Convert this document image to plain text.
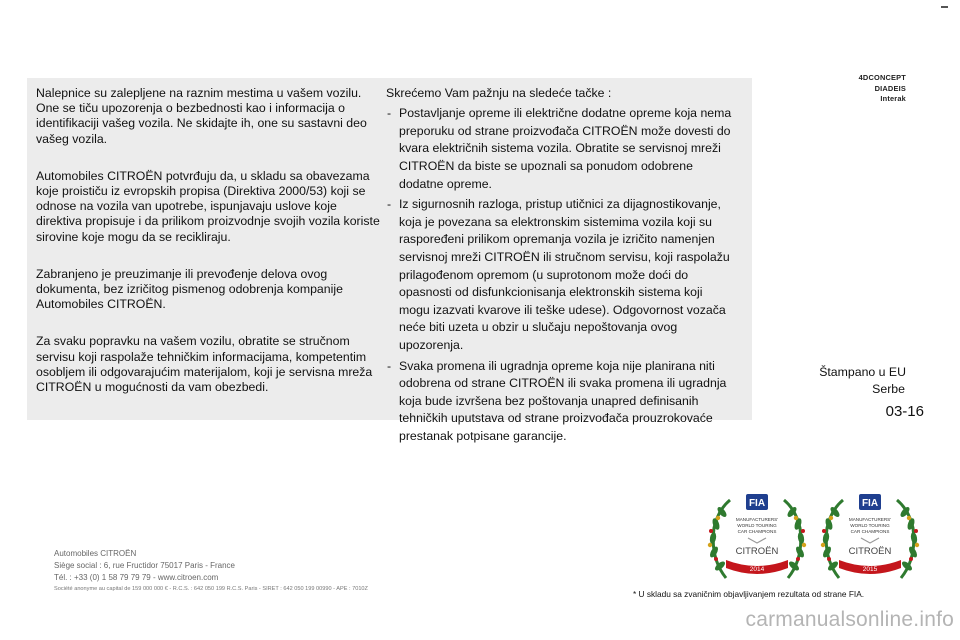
Nalepnice su zalepljene na raznim mestima u vašem vozilu. One se tiču upozorenja o bezbednosti kao i informacija o identifikaciji vašeg vozila. Ne skidajte ih, one su sastavni deo vašeg vozila.

Automobiles CITROËN potvrđuju da, u skladu sa obavezama koje proističu iz evropskih propisa (Direktiva 2000/53) koji se odnose na vozila van upotrebe, ispunjavaju uslove koje direktiva propisuje i da prilikom proizvodnje svojih vozila koriste sirovine koje mogu da se recikliraju.

Zabranjeno je preuzimanje ili prevođenje delova ovog dokumenta, bez izričitog pismenog odobrenja kompanije Automobiles CITROËN.

Za svaku popravku na vašem vozilu, obratite se stručnom servisu koji raspolaže tehničkim informacijama, kompetentim osobljem ili odgovarajućim materijalom, koji je servisna mreža CITROËN u mogućnosti da vam obezbedi.

Skrećemo Vam pažnju na sledeće tačke :

- Postavljanje opreme ili električne dodatne opreme koja nema preporuku od strane proizvođača CITROËN može dovesti do kvara električnih sistema vozila. Obratite se servisnoj mreži CITROËN da biste se upoznali sa ponudom odobrene dodatne opreme.
- Iz sigurnosnih razloga, pristup utičnici za dijagnostikovanje, koja je povezana sa elektronskim sistemima vozila koji su raspoređeni prilikom opremanja vozila je izričito namenjen servisnoj mreži CITROËN ili stručnom servisu, koji raspolažu prilagođenom opremom (u suprotonom može doći do opasnosti od disfunkcionisanja elektronskih sistema koji mogu izazvati kvarove ili teške udese). Odgovornost vozača neće biti uzeta u obzir u slučaju nepoštovanja ovog upozorenja.
- Svaka promena ili ugradnja opreme koja nije planirana niti odobrena od strane CITROËN ili svaka promena ili ugradnja koja bude izvršena bez poštovanja unapred definisanih tehničkih uputstava od strane proizvođača prouzrokovaće prestanak potpisane garancije.
4DCONCEPT
DIADEIS
Interak
Štampano u EU
Serbe
03-16
Automobiles CITROËN
Siège social : 6, rue Fructidor 75017 Paris - France
Tél. : +33 (0) 1 58 79 79 79 - www.citroen.com
Société anonyme au capital de 159 000 000 € - R.C.S. : 642 050 199 R.C.S. Paris - SIRET : 642 050 199 00990 - APE : 7010Z
FIA
MANUFACTURERS'
WORLD TOURING
CAR CHAMPIONS
CITROËN
2014
FIA
MANUFACTURERS'
WORLD TOURING
CAR CHAMPIONS
CITROËN
2015
* U skladu sa zvaničnim objavljivanjem rezultata od strane FIA.
carmanualsonline.info
